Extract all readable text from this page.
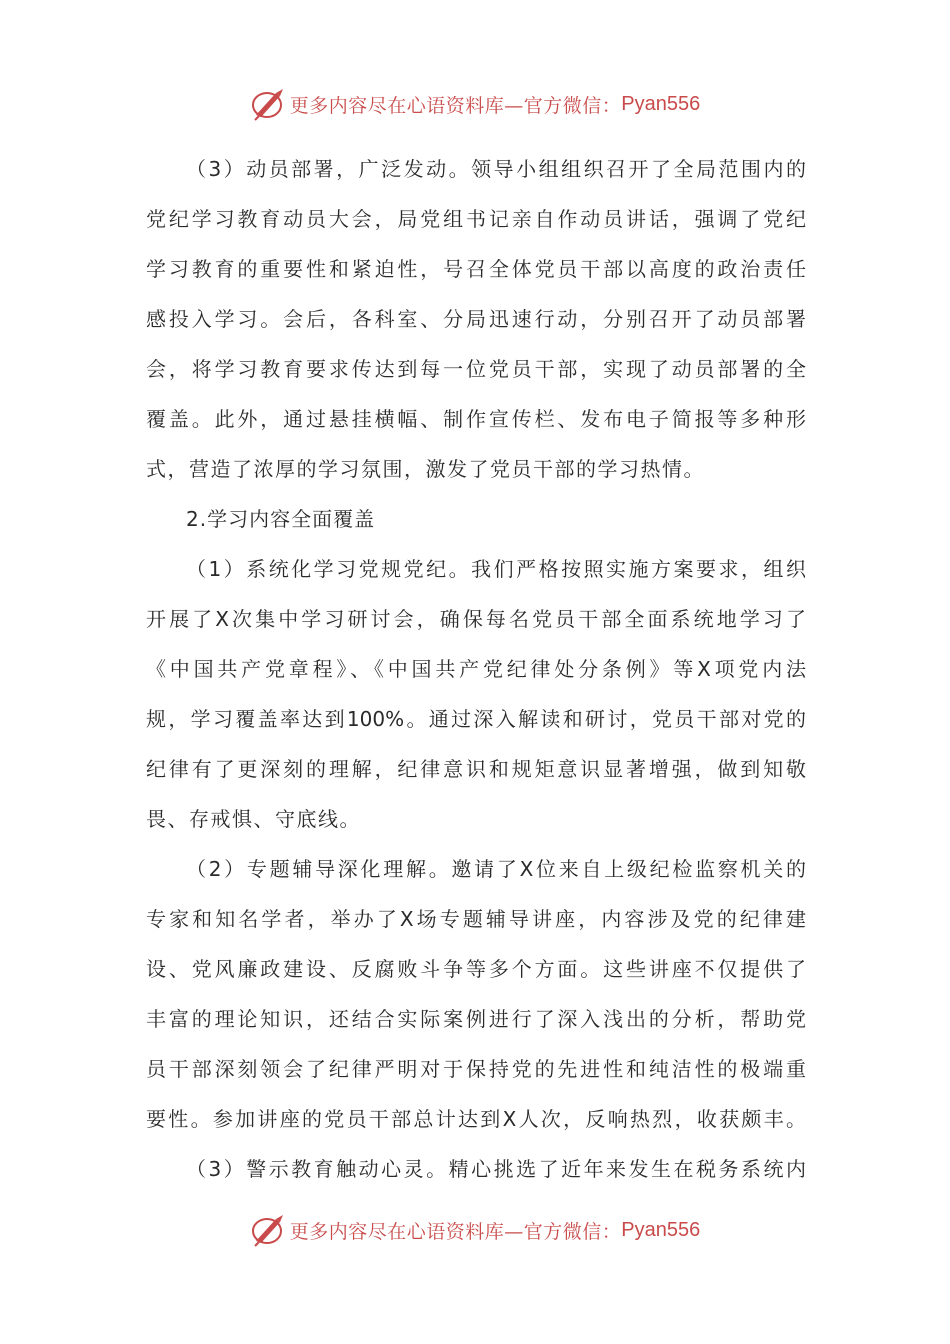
更多内容尽在心语资料库—官方微信： Pyan556
（3）动员部署，广泛发动。领导小组组织召开了全局范围内的
党纪学习教育动员大会，局党组书记亲自作动员讲话，强调了党纪
学习教育的重要性和紧迫性，号召全体党员干部以高度的政治责任
感投入学习。会后，各科室、分局迅速行动，分别召开了动员部署
会，将学习教育要求传达到每一位党员干部，实现了动员部署的全
覆盖。此外，通过悬挂横幅、制作宣传栏、发布电子简报等多种形
式，营造了浓厚的学习氛围，激发了党员干部的学习热情。
2.学习内容全面覆盖
（1）系统化学习党规党纪。我们严格按照实施方案要求，组织
开展了X次集中学习研讨会，确保每名党员干部全面系统地学习了
《中国共产党章程》、《中国共产党纪律处分条例》等X项党内法
规，学习覆盖率达到100%。通过深入解读和研讨，党员干部对党的
纪律有了更深刻的理解，纪律意识和规矩意识显著增强，做到知敬
畏、存戒惧、守底线。
（2）专题辅导深化理解。邀请了X位来自上级纪检监察机关的
专家和知名学者，举办了X场专题辅导讲座，内容涉及党的纪律建
设、党风廉政建设、反腐败斗争等多个方面。这些讲座不仅提供了
丰富的理论知识，还结合实际案例进行了深入浅出的分析，帮助党
员干部深刻领会了纪律严明对于保持党的先进性和纯洁性的极端重
要性。参加讲座的党员干部总计达到X人次，反响热烈，收获颇丰。
（3）警示教育触动心灵。精心挑选了近年来发生在税务系统内
更多内容尽在心语资料库—官方微信： Pyan556
